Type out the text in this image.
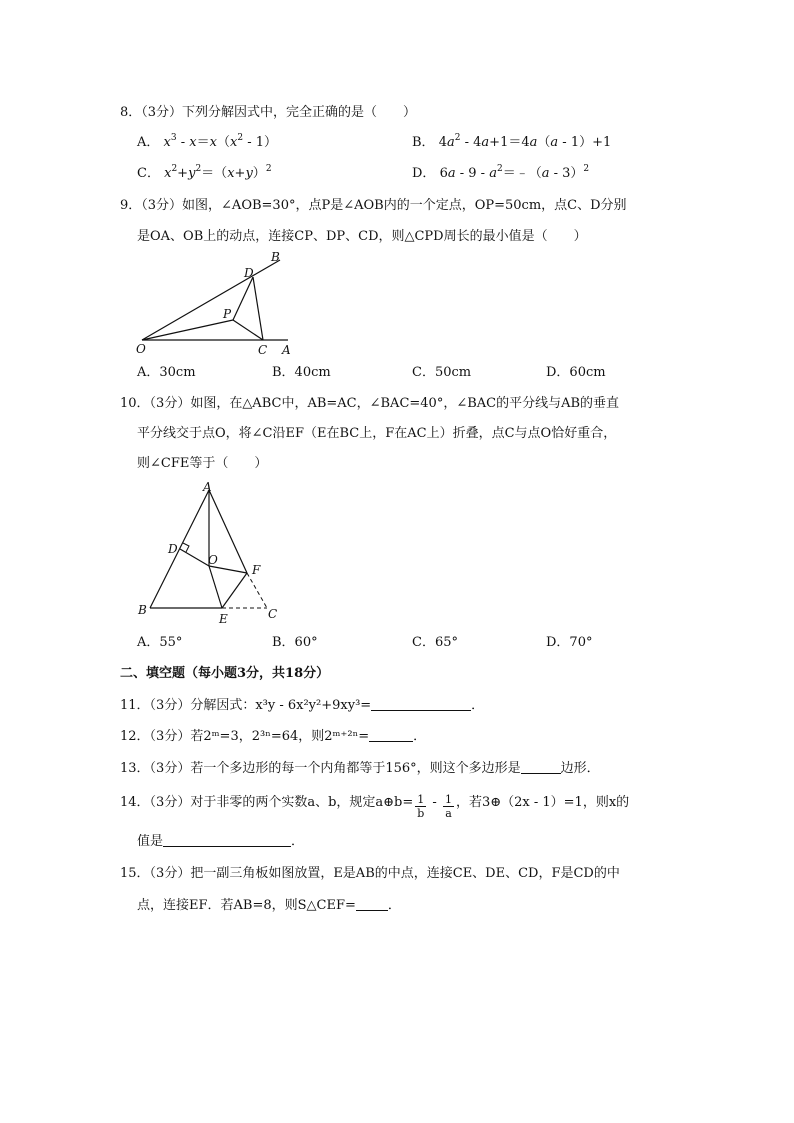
8．（3分）下列分解因式中，完全正确的是（　　）
A． $x^3 - x=x(x^2 - 1)$	B． $4a^2 - 4a+1=4a(a - 1)+1$
C． $x^2+y^2=(x+y)^2$	D． $6a - 9 - a^2=﹣(a - 3)^2$
9．（3分）如图，∠AOB=30°，点P是∠AOB内的一个定点，OP=50cm，点C、D分别
是OA、OB上的动点，连接CP、DP、CD，则△CPD周长的最小值是（　　）
B
D
P
O	C A
A．30cm	B．40cm	C．50cm	D．60cm
10．（3分）如图，在△ABC中，AB=AC，∠BAC=40°，∠BAC的平分线与AB的垂直
平分线交于点O，将∠C沿EF（E在BC上，F在AC上）折叠，点C与点O恰好重合，
则∠CFE等于（　　）
A
D
O
F
B
E	C
A．55°	B．60°	C．65°	D．70°
二、填空题（每小题3分，共18分）
11．（3分）分解因式：x³y - 6x²y²+9xy³=	．
12．（3分）若2ᵐ=3，2³ⁿ=64，则2ᵐ⁺²ⁿ=	．
13．（3分）若一个多边形的每一个内角都等于156°，则这个多边形是	边形．
14．（3分）对于非零的两个实数a、b，规定a⊕b= $\frac{1}{b} - \frac{1}{a}$ ，若3⊕（2x - 1）=1，则x的
值是	．
15．（3分）把一副三角板如图放置，E是AB的中点，连接CE、DE、CD，F是CD的中
点，连接EF．若AB=8，则S△CEF= ．
